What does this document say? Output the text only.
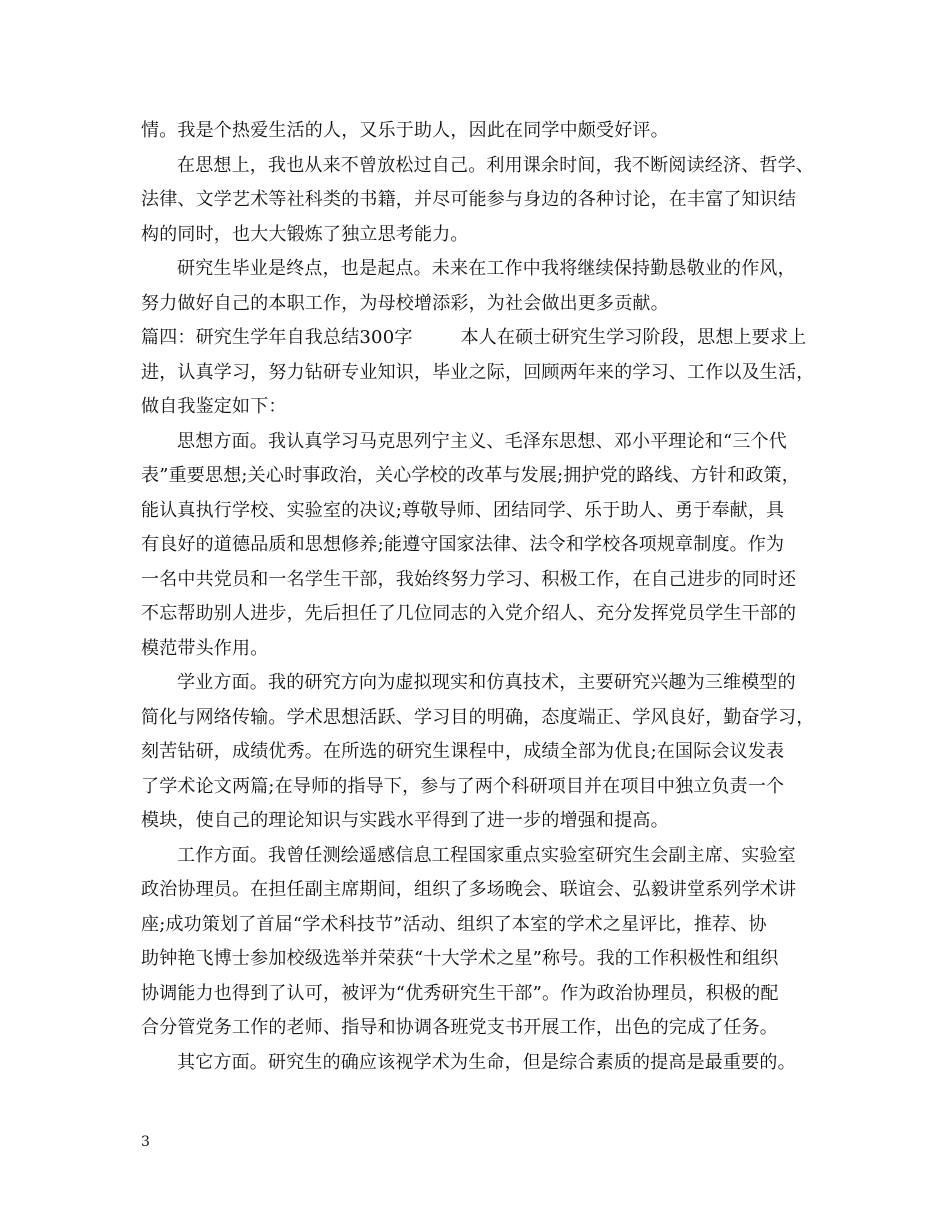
情。我是个热爱生活的人，又乐于助人，因此在同学中颇受好评。
在思想上，我也从来不曾放松过自己。利用课余时间，我不断阅读经济、哲学、
法律、文学艺术等社科类的书籍，并尽可能参与身边的各种讨论，在丰富了知识结
构的同时，也大大锻炼了独立思考能力。
研究生毕业是终点，也是起点。未来在工作中我将继续保持勤恳敬业的作风，
努力做好自己的本职工作，为母校增添彩，为社会做出更多贡献。
篇四：研究生学年自我总结300字	本人在硕士研究生学习阶段，思想上要求上
进，认真学习，努力钻研专业知识，毕业之际，回顾两年来的学习、工作以及生活，
做自我鉴定如下：
思想方面。我认真学习马克思列宁主义、毛泽东思想、邓小平理论和“三个代
表”重要思想;关心时事政治，关心学校的改革与发展;拥护党的路线、方针和政策，
能认真执行学校、实验室的决议;尊敬导师、团结同学、乐于助人、勇于奉献，具
有良好的道德品质和思想修养;能遵守国家法律、法令和学校各项规章制度。作为
一名中共党员和一名学生干部，我始终努力学习、积极工作，在自己进步的同时还
不忘帮助别人进步，先后担任了几位同志的入党介绍人、充分发挥党员学生干部的
模范带头作用。
学业方面。我的研究方向为虚拟现实和仿真技术，主要研究兴趣为三维模型的
简化与网络传输。学术思想活跃、学习目的明确，态度端正、学风良好，勤奋学习，
刻苦钻研，成绩优秀。在所选的研究生课程中，成绩全部为优良;在国际会议发表
了学术论文两篇;在导师的指导下，参与了两个科研项目并在项目中独立负责一个
模块，使自己的理论知识与实践水平得到了进一步的增强和提高。
工作方面。我曾任测绘遥感信息工程国家重点实验室研究生会副主席、实验室
政治协理员。在担任副主席期间，组织了多场晚会、联谊会、弘毅讲堂系列学术讲
座;成功策划了首届“学术科技节”活动、组织了本室的学术之星评比，推荐、协
助钟艳飞博士参加校级选举并荣获“十大学术之星”称号。我的工作积极性和组织
协调能力也得到了认可，被评为“优秀研究生干部”。作为政治协理员，积极的配
合分管党务工作的老师、指导和协调各班党支书开展工作，出色的完成了任务。
其它方面。研究生的确应该视学术为生命，但是综合素质的提高是最重要的。
3
